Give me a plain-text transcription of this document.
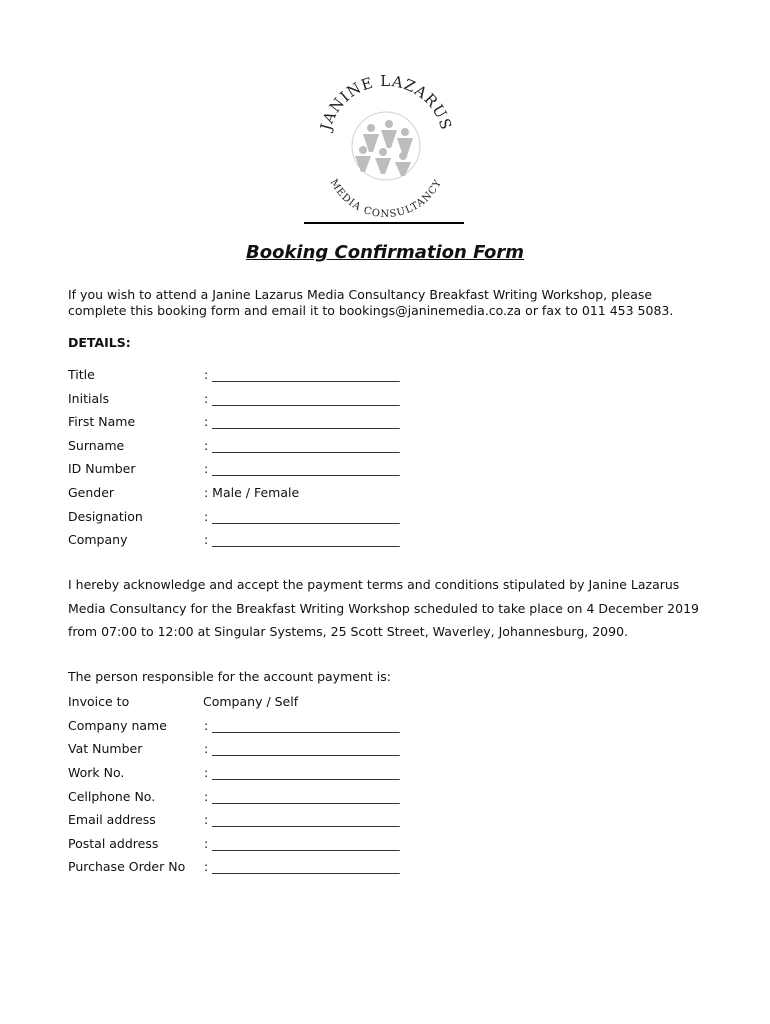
JANINE LAZARUS
MEDIA CONSULTANCY
Booking Confirmation Form
If you wish to attend a Janine Lazarus Media Consultancy Breakfast Writing Workshop, please complete this booking form and email it to bookings@janinemedia.co.za or fax to 011 453 5083.
DETAILS:
Title	: ______________________________
Initials	: ______________________________
First Name	: ______________________________
Surname	: ______________________________
ID Number	: ______________________________
Gender	: Male / Female
Designation	: ______________________________
Company	: ______________________________
I hereby acknowledge and accept the payment terms and conditions stipulated by Janine Lazarus Media Consultancy for the Breakfast Writing Workshop scheduled to take place on 4 December 2019 from 07:00 to 12:00 at Singular Systems, 25 Scott Street, Waverley, Johannesburg, 2090.
The person responsible for the account payment is:
Invoice to	Company / Self
Company name	: ______________________________
Vat Number	: ______________________________
Work No.	: ______________________________
Cellphone No.	: ______________________________
Email address	: ______________________________
Postal address	: ______________________________
Purchase Order No : ______________________________
